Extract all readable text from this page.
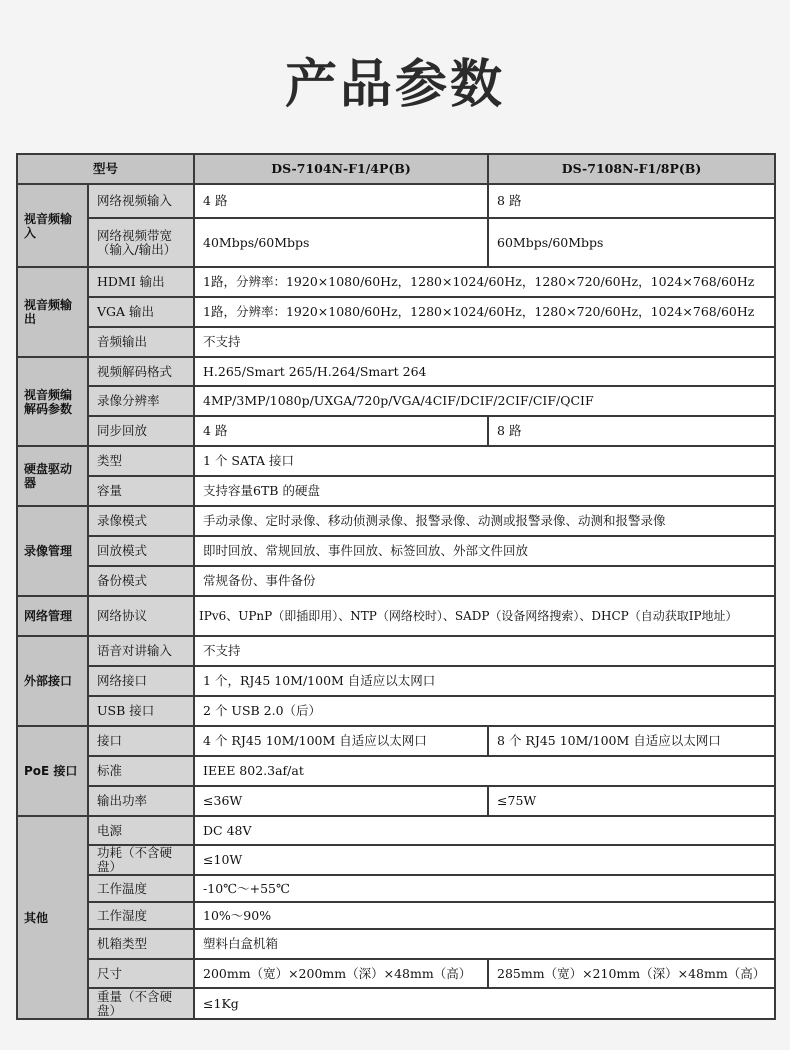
产品参数
型号		DS-7104N-F1/4P(B)	DS-7108N-F1/8P(B)
视音频输入	网络视频输入	4 路	8 路
	网络视频带宽（输入/输出）	40Mbps/60Mbps	60Mbps/60Mbps
视音频输出	HDMI 输出	1路，分辨率：1920×1080/60Hz，1280×1024/60Hz，1280×720/60Hz，1024×768/60Hz	
	VGA 输出	1路，分辨率：1920×1080/60Hz，1280×1024/60Hz，1280×720/60Hz，1024×768/60Hz	
	音频输出	不支持	
视音频编解码参数	视频解码格式	H.265/Smart 265/H.264/Smart 264	
	录像分辨率	4MP/3MP/1080p/UXGA/720p/VGA/4CIF/DCIF/2CIF/CIF/QCIF	
	同步回放	4 路	8 路
硬盘驱动器	类型	1 个 SATA 接口	
	容量	支持容量6TB 的硬盘	
录像管理	录像模式	手动录像、定时录像、移动侦测录像、报警录像、动测或报警录像、动测和报警录像	
	回放模式	即时回放、常规回放、事件回放、标签回放、外部文件回放	
	备份模式	常规备份、事件备份	
网络管理	网络协议	IPv6、UPnP（即插即用）、NTP（网络校时）、SADP（设备网络搜索）、DHCP（自动获取IP地址）	
外部接口	语音对讲输入	不支持	
	网络接口	1 个，RJ45 10M/100M 自适应以太网口	
	USB 接口	2 个 USB 2.0（后）	
PoE 接口	接口	4 个 RJ45 10M/100M 自适应以太网口	8 个 RJ45 10M/100M 自适应以太网口
	标准	IEEE 802.3af/at	
	输出功率	≤36W	≤75W
其他	电源	DC 48V	
	功耗（不含硬盘）	≤10W	
	工作温度	-10℃～+55℃	
	工作湿度	10%～90%	
	机箱类型	塑料白盒机箱	
	尺寸	200mm（宽）×200mm（深）×48mm（高）	285mm（宽）×210mm（深）×48mm（高）
	重量（不含硬盘）	≤1Kg	
